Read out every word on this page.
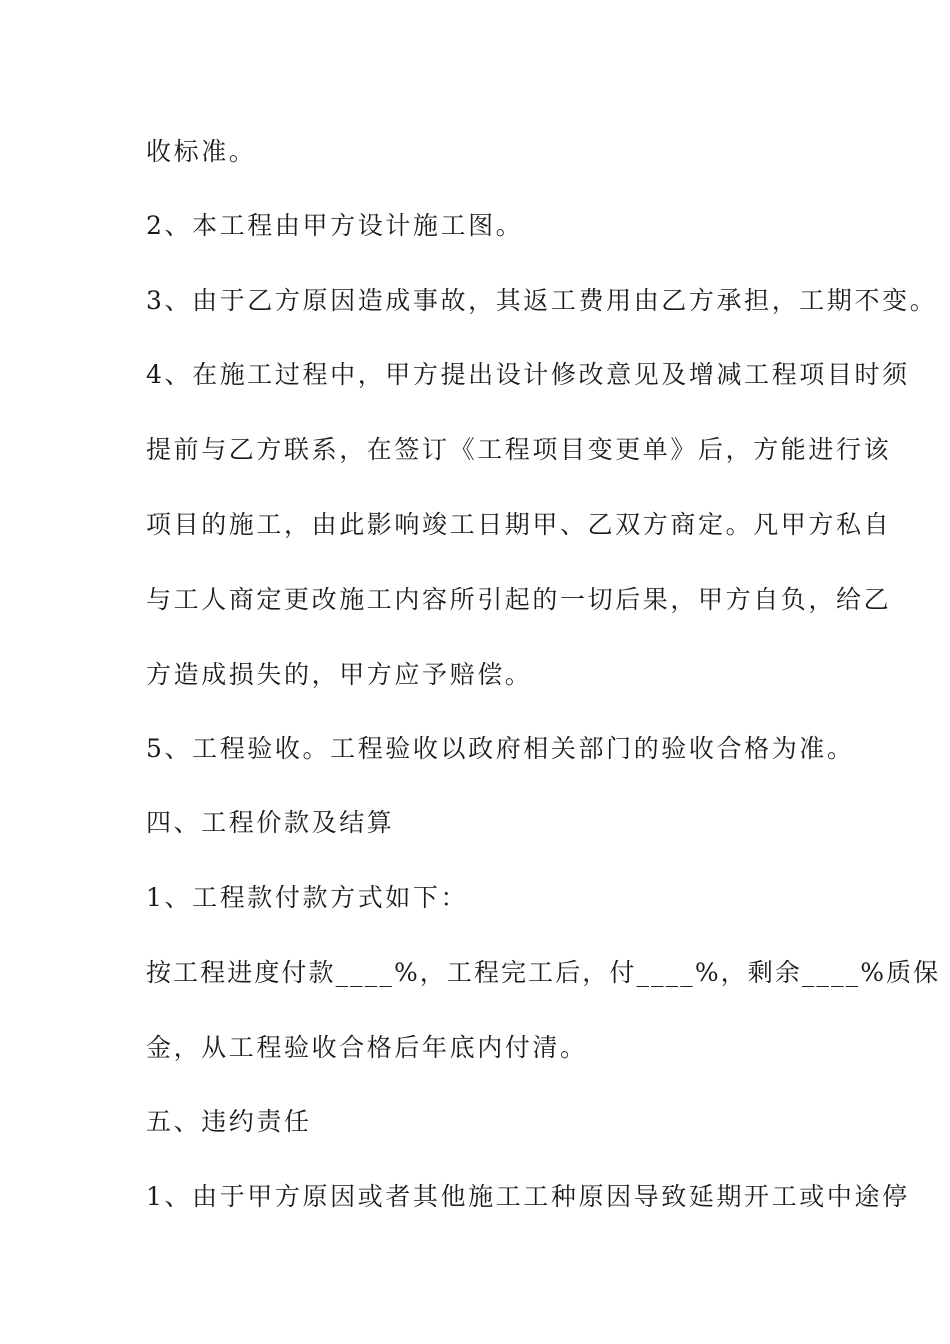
收标准。
2、本工程由甲方设计施工图。
3、由于乙方原因造成事故，其返工费用由乙方承担，工期不变。
4、在施工过程中，甲方提出设计修改意见及增减工程项目时须
提前与乙方联系，在签订《工程项目变更单》后，方能进行该
项目的施工，由此影响竣工日期甲、乙双方商定。凡甲方私自
与工人商定更改施工内容所引起的一切后果，甲方自负，给乙
方造成损失的，甲方应予赔偿。
5、工程验收。工程验收以政府相关部门的验收合格为准。
四、工程价款及结算
1、工程款付款方式如下：
按工程进度付款____%，工程完工后，付____%，剩余____%质保
金，从工程验收合格后年底内付清。
五、违约责任
1、由于甲方原因或者其他施工工种原因导致延期开工或中途停
